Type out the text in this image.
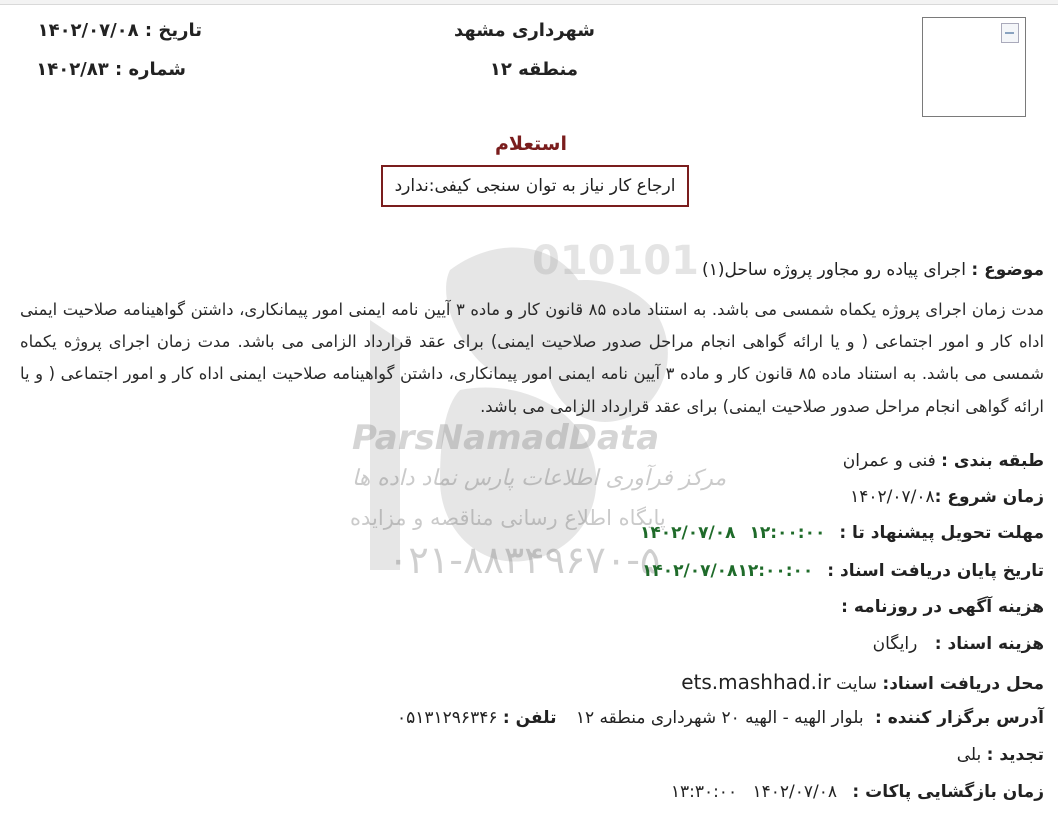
010101
ParsNamadData
مرکز فرآوری اطلاعات پارس نماد داده ها
پایگاه اطلاع رسانی مناقصه و مزایده
۰۲۱-۸۸۳۴۹۶۷۰-۵
شهرداری مشهد
منطقه ۱۲
تاریخ : ۱۴۰۲/۰۷/۰۸
شماره : ۱۴۰۲/۸۳
استعلام
ارجاع کار نیاز به توان سنجی کیفی:ندارد
موضوع : اجرای پیاده رو مجاور پروژه ساحل(۱)
مدت زمان اجرای پروژه یکماه شمسی می باشد. به استناد ماده ۸۵ قانون کار و ماده ۳ آیین نامه ایمنی امور پیمانکاری، داشتن گواهینامه صلاحیت ایمنی اداه کار و امور اجتماعی ( و یا ارائه گواهی انجام مراحل صدور صلاحیت ایمنی) برای عقد قرارداد الزامی می باشد. مدت زمان اجرای پروژه یکماه شمسی می باشد. به استناد ماده ۸۵ قانون کار و ماده ۳ آیین نامه ایمنی امور پیمانکاری، داشتن گواهینامه صلاحیت ایمنی اداه کار و امور اجتماعی ( و یا ارائه گواهی انجام مراحل صدور صلاحیت ایمنی) برای عقد قرارداد الزامی می باشد.
طبقه بندی : فنی و عمران
زمان شروع :۱۴۰۲/۰۷/۰۸
مهلت تحویل پیشنهاد تا :۱۴۰۲/۰۷/۰۸ ۱۲:۰۰:۰۰
تاریخ پایان دریافت اسناد :۱۴۰۲/۰۷/۰۸۱۲:۰۰:۰۰
هزینه آگهی در روزنامه :
هزینه اسناد : رایگان
محل دریافت اسناد: سایت ets.mashhad.ir
آدرس برگزار کننده : بلوار الهیه - الهیه ۲۰ شهرداری منطقه ۱۲ تلفن : ۰۵۱۳۱۲۹۶۳۴۶
تجدید : بلی
زمان بازگشایی پاکات : ۱۴۰۲/۰۷/۰۸ ۱۳:۳۰:۰۰
